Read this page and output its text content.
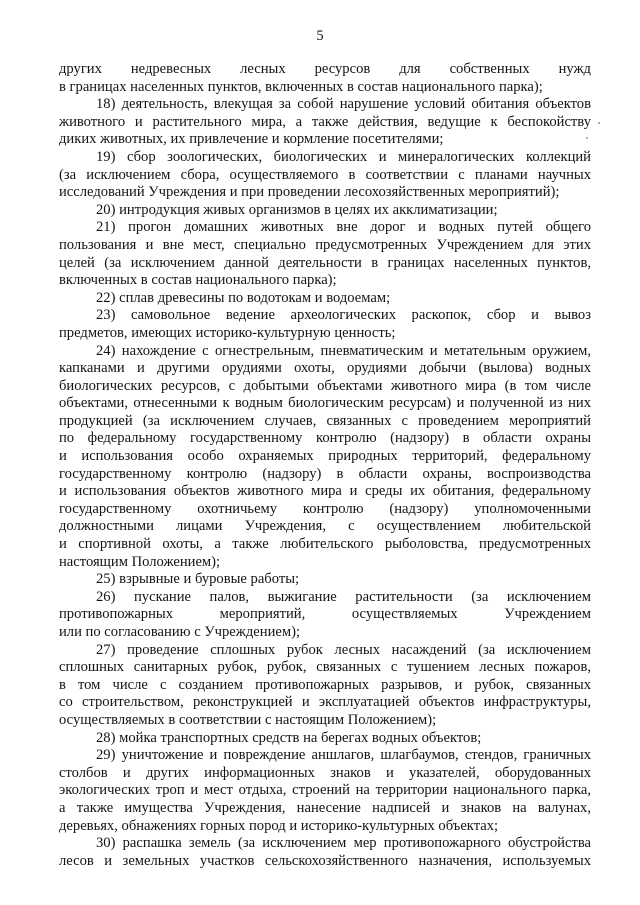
5
других недревесных лесных ресурсов для собственных нужд
в границах населенных пунктов, включенных в состав национального парка);
18) деятельность, влекущая за собой нарушение условий обитания объектов
животного и растительного мира, а также действия, ведущие к беспокойству
диких животных, их привлечение и кормление посетителями;
19) сбор зоологических, биологических и минералогических коллекций
(за исключением сбора, осуществляемого в соответствии с планами научных
исследований Учреждения и при проведении лесохозяйственных мероприятий);
20) интродукция живых организмов в целях их акклиматизации;
21) прогон домашних животных вне дорог и водных путей общего
пользования и вне мест, специально предусмотренных Учреждением для этих
целей (за исключением данной деятельности в границах населенных пунктов,
включенных в состав национального парка);
22) сплав древесины по водотокам и водоемам;
23) самовольное ведение археологических раскопок, сбор и вывоз
предметов, имеющих историко-культурную ценность;
24) нахождение с огнестрельным, пневматическим и метательным оружием,
капканами и другими орудиями охоты, орудиями добычи (вылова) водных
биологических ресурсов, с добытыми объектами животного мира (в том числе
объектами, отнесенными к водным биологическим ресурсам) и полученной из них
продукцией (за исключением случаев, связанных с проведением мероприятий
по федеральному государственному контролю (надзору) в области охраны
и использования особо охраняемых природных территорий, федеральному
государственному контролю (надзору) в области охраны, воспроизводства
и использования объектов животного мира и среды их обитания, федеральному
государственному охотничьему контролю (надзору) уполномоченными
должностными лицами Учреждения, с осуществлением любительской
и спортивной охоты, а также любительского рыболовства, предусмотренных
настоящим Положением);
25) взрывные и буровые работы;
26) пускание палов, выжигание растительности (за исключением
противопожарных мероприятий, осуществляемых Учреждением
или по согласованию с Учреждением);
27) проведение сплошных рубок лесных насаждений (за исключением
сплошных санитарных рубок, рубок, связанных с тушением лесных пожаров,
в том числе с созданием противопожарных разрывов, и рубок, связанных
со строительством, реконструкцией и эксплуатацией объектов инфраструктуры,
осуществляемых в соответствии с настоящим Положением);
28) мойка транспортных средств на берегах водных объектов;
29) уничтожение и повреждение аншлагов, шлагбаумов, стендов, граничных
столбов и других информационных знаков и указателей, оборудованных
экологических троп и мест отдыха, строений на территории национального парка,
а также имущества Учреждения, нанесение надписей и знаков на валунах,
деревьях, обнажениях горных пород и историко-культурных объектах;
30) распашка земель (за исключением мер противопожарного обустройства
лесов и земельных участков сельскохозяйственного назначения, используемых
